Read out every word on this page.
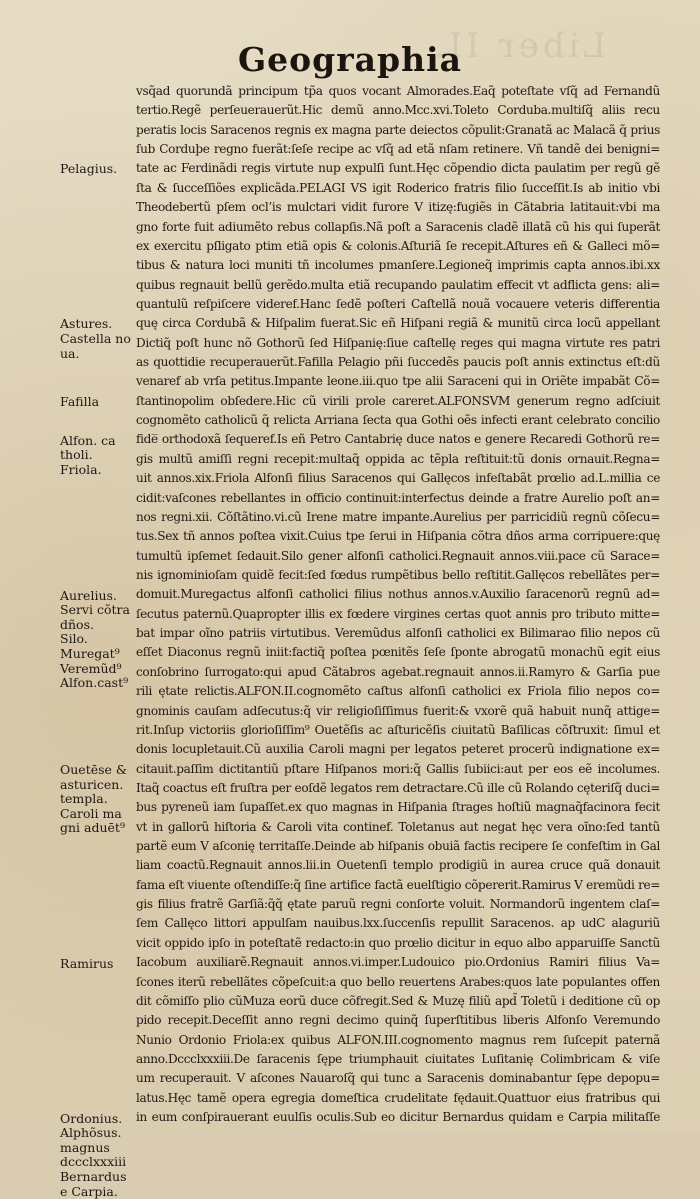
Liber II.
Geographia
Pelagius.
Astures.
Castella no
ua.
Fafilla
Alfon. ca
tholi.
Friola.
Aurelius.
Servi cõtra
dños.
Silo.
Muregat⁹
Veremũd⁹
Alfon.cast⁹
Ouetēse &
asturicen.
templa.
Caroli ma
gni aduēt⁹
Ramirus
Ordonius.
Alphõsus.
magnus
dccclxxxiii
Bernardus
e Carpia.
vsq̃ad quorundã principum tp̃a quos vocant Almorades.Eaq̃ poteſtate vſq̃ ad Fernandũ
tertio.Regẽ perſeuerauerũt.Hic demũ anno.Mcc.xvi.Toleto Corduba.multiſq̃ aliis recu
peratis locis Saracenos regnis ex magna parte deiectos cõpulit:Granatã ac Malacã q̃ prius
ſub Corduþe regno fuerãt:ſeſe recipe ac vſq̃ ad etã nſam retinere. Vñ tandẽ dei benigni=
tate ac Ferdinãdi regis virtute nup expulſi ſunt.Hęc cõpendio dicta paulatim per regũ gẽ
ſta & ſucceſſiões explicãda.PELAGI VS igit Roderico fratris filio ſucceſſit.Is ab initio vbi
Theodebertũ pſem ocl’is mulctari vidit furore V itizę:fugiẽs in Cãtabria latitauit:vbi ma
gno forte fuit adiumẽto rebus collapſis.Nã poſt a Saracenis cladẽ illatã cũ his qui ſuperãt
ex exercitu pſligato ptim etiã opis & colonis.Aſturiã ſe recepit.Aſtures eñ & Galleci mõ=
tibus & natura loci muniti tñ incolumes pmanſere.Legioneq̃ imprimis capta annos.ibi.xx
quibus regnauit bellũ gerẽdo.multa etiã recupando paulatim effecit vt adflicta gens: ali=
quantulũ reſpiſcere videref.Hanc ſedẽ poſteri Caſtellã nouã vocauere veteris differentia
quę circa Cordubã & Hiſpalim fuerat.Sic eñ Hiſpani regiã & munitũ circa locũ appellant
Dictiq̃ poſt hunc nõ Gothorũ ſed Hiſpanię:ſiue caſtellę reges qui magna virtute res patri
as quottidie recuperauerũt.Fafilla Pelagio pñi ſuccedẽs paucis poſt annis extinctus eſt:dũ
venaref ab vrſa petitus.Impante leone.iii.quo tpe alii Saraceni qui in Oriẽte impabãt Cõ=
ſtantinopolim obſedere.Hic cũ virili prole careret.ALFONSVM generum regno adſciuit
cognomẽto catholicũ q̃ relicta Arriana ſecta qua Gothi oẽs infecti erant celebrato concilio
fide̅ orthodoxã ſequeref.Is eñ Petro Cantabrię duce natos e genere Recaredi Gothorũ re=
gis multũ amiſſi regni recepit:multaq̃ oppida ac tẽpla reſtituit:tũ donis ornauit.Regna=
uit annos.xix.Friola Alfonſi filius Saracenos qui Gallęcos infeſtabãt prœlio ad.L.millia ce
cidit:vaſcones rebellantes in officio continuit:interfectus deinde a fratre Aurelio poſt an=
nos regni.xii. Cõſtãtino.vi.cũ Irene matre impante.Aurelius per parricidiũ regnũ cõſecu=
tus.Sex tñ annos poſtea vixit.Cuius tpe ſerui in Hiſpania cõtra dños arma corripuere:quę
tumultũ ipſemet ſedauit.Silo gener alfonſi catholici.Regnauit annos.viii.pace cũ Sarace=
nis ignominioſam quidẽ fecit:ſed fœdus rumpẽtibus bello reſtitit.Gallęcos rebellãtes per=
domuit.Muregactus alfonſi catholici filius nothus annos.v.Auxilio ſaracenorũ regnũ ad=
ſecutus paternũ.Quapropter illis ex fœdere virgines certas quot annis pro tributo mitte=
bat impar oĩno patriis virtutibus. Veremũdus alfonſi catholici ex Bilimarao filio nepos cũ
eſſet Diaconus regnũ iniit:factiq̃ poſtea pœnitẽs ſeſe ſponte abrogatũ monachũ egit eius
conſobrino ſurrogato:qui apud Cãtabros agebat.regnauit annos.ii.Ramyro & Garſia pue
rili ętate relictis.ALFON.II.cognomẽto caſtus alfonſi catholici ex Friola filio nepos co=
gnominis cauſam adſecutus:q̃ vir religioſiſſimus fuerit:& vxorẽ quã habuit nunq̃ attige=
rit.Inſup victoriis glorioſiſſim⁹ Ouetẽſis ac aſturicẽſis ciuitatũ Baſilicas cõſtruxit: ſimul et
donis locupletauit.Cũ auxilia Caroli magni per legatos peteret procerũ indignatione ex=
citauit.paſſim dictitantiũ pſtare Hiſpanos mori:q̃ Gallis ſubiici:aut per eos eẽ incolumes.
Itaq̃ coactus eſt fruſtra per eoſdẽ legatos rem detractare.Cũ ille cũ Rolando cęteriſq̃ duci=
bus pyreneũ iam ſupaſſet.ex quo magnas in Hiſpania ſtrages hoſtiũ magnaq̃facinora fecit
vt in gallorũ hiſtoria & Caroli vita continef. Toletanus aut negat hęc vera oĩno:ſed tantũ
partẽ eum V aſconię territaſſe.Deinde ab hiſpanis obuiã factis recipere ſe confeſtim in Gal
liam coactũ.Regnauit annos.lii.in Ouetenſi templo prodigiũ in aurea cruce quã donauit
fama eſt viuente oſtendiſſe:q̃ ſine artifice factã euelſtigio cõpererit.Ramirus V eremũdi re=
gis filius fratrẽ Garſiã:q̃q̃ ętate paruũ regni conſorte voluit. Normandorũ ingentem claſ=
ſem Callęco littori appulſam nauibus.lxx.ſuccenſis repullit Saracenos. ap udC alaguriũ
vicit oppido ipſo in poteſtatẽ redacto:in quo prœlio dicitur in equo albo apparuiſſe Sanctũ
Iacobum auxiliarẽ.Regnauit annos.vi.imper.Ludouico pio.Ordonius Ramiri filius Va=
ſcones iterũ rebellãtes cõpeſcuit:a quo bello reuertens Arabes:quos late populantes offen
dit cõmiſſo plio cũMuza eorũ duce cõfregit.Sed & Muzę filiũ apd̃ Toletũ i deditione cũ op
pido recepit.Deceſſit anno regni decimo quinq̃ ſuperſtitibus liberis Alfonſo Veremundo
Nunio Ordonio Friola:ex quibus ALFON.III.cognomento magnus rem ſuſcepit paternã
anno.Dccclxxxiii.De ſaracenis ſępe triumphauit ciuitates Luſitanię Colimbricam & viſe
um recuperauit. V aſcones Nauaroſq̃ qui tunc a Saracenis dominabantur ſępe depopu=
latus.Hęc tamẽ opera egregia domeſtica crudelitate fędauit.Quattuor eius fratribus qui
in eum conſpirauerant euulſis oculis.Sub eo dicitur Bernardus quidam e Carpia militaſſe
